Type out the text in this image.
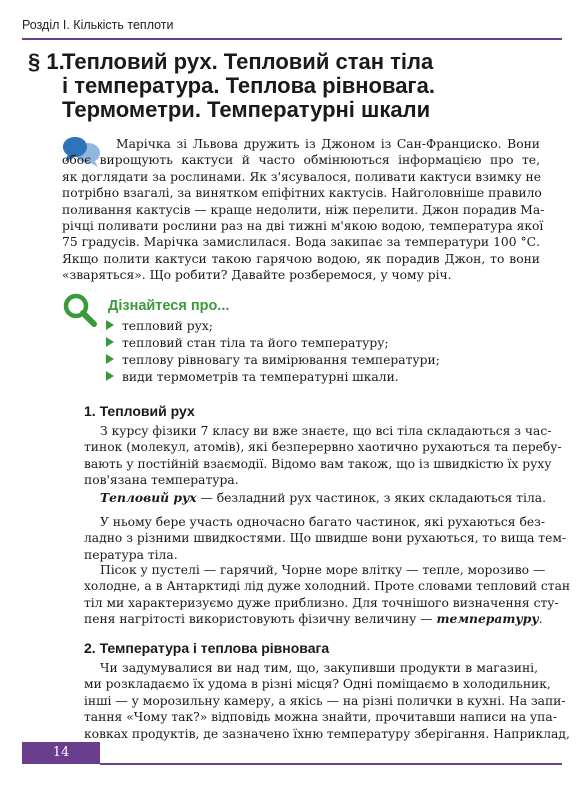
Розділ І. Кількість теплоти
§ 1.
Тепловий рух. Тепловий стан тіла
і температура. Теплова рівновага.
Термометри. Температурні шкали
Марічка зі Львова дружить із Джоном із Сан-Франциско. Вони
обоє вирощують кактуси й часто обмінюються інформацією про те,
як доглядати за рослинами. Як з'ясувалося, поливати кактуси взимку не
потрібно взагалі, за винятком епіфітних кактусів. Найголовніше правило
поливання кактусів — краще недолити, ніж перелити. Джон порадив Ма-
річці поливати рослини раз на дві тижні м'якою водою, температура якої
75 градусів. Марічка замислилася. Вода закипає за температури 100 °С.
Якщо полити кактуси такою гарячою водою, як порадив Джон, то вони
«зваряться». Що робити? Давайте розберемося, у чому річ.
Дізнайтеся про...
тепловий рух;
тепловий стан тіла та його температуру;
теплову рівновагу та вимірювання температури;
види термометрів та температурні шкали.
1. Тепловий рух
З курсу фізики 7 класу ви вже знаєте, що всі тіла складаються з час-
тинок (молекул, атомів), які безперервно хаотично рухаються та перебу-
вають у постійній взаємодії. Відомо вам також, що із швидкістю їх руху
пов'язана температура.
Тепловий рух — безладний рух частинок, з яких складаються тіла.
У ньому бере участь одночасно багато частинок, які рухаються без-
ладно з різними швидкостями. Що швидше вони рухаються, то вища тем-
пература тіла.
Пісок у пустелі — гарячий, Чорне море влітку — тепле, морозиво —
холодне, а в Антарктиді лід дуже холодний. Проте словами тепловий стан
тіл ми характеризуємо дуже приблизно. Для точнішого визначення сту-
пеня нагрітості використовують фізичну величину — температуру.
2. Температура і теплова рівновага
Чи задумувалися ви над тим, що, закупивши продукти в магазині,
ми розкладаємо їх удома в різні місця? Одні поміщаємо в холодильник,
інші — у морозильну камеру, а якісь — на різні полички в кухні. На запи-
тання «Чому так?» відповідь можна знайти, прочитавши написи на упа-
ковках продуктів, де зазначено їхню температуру зберігання. Наприклад,
14
